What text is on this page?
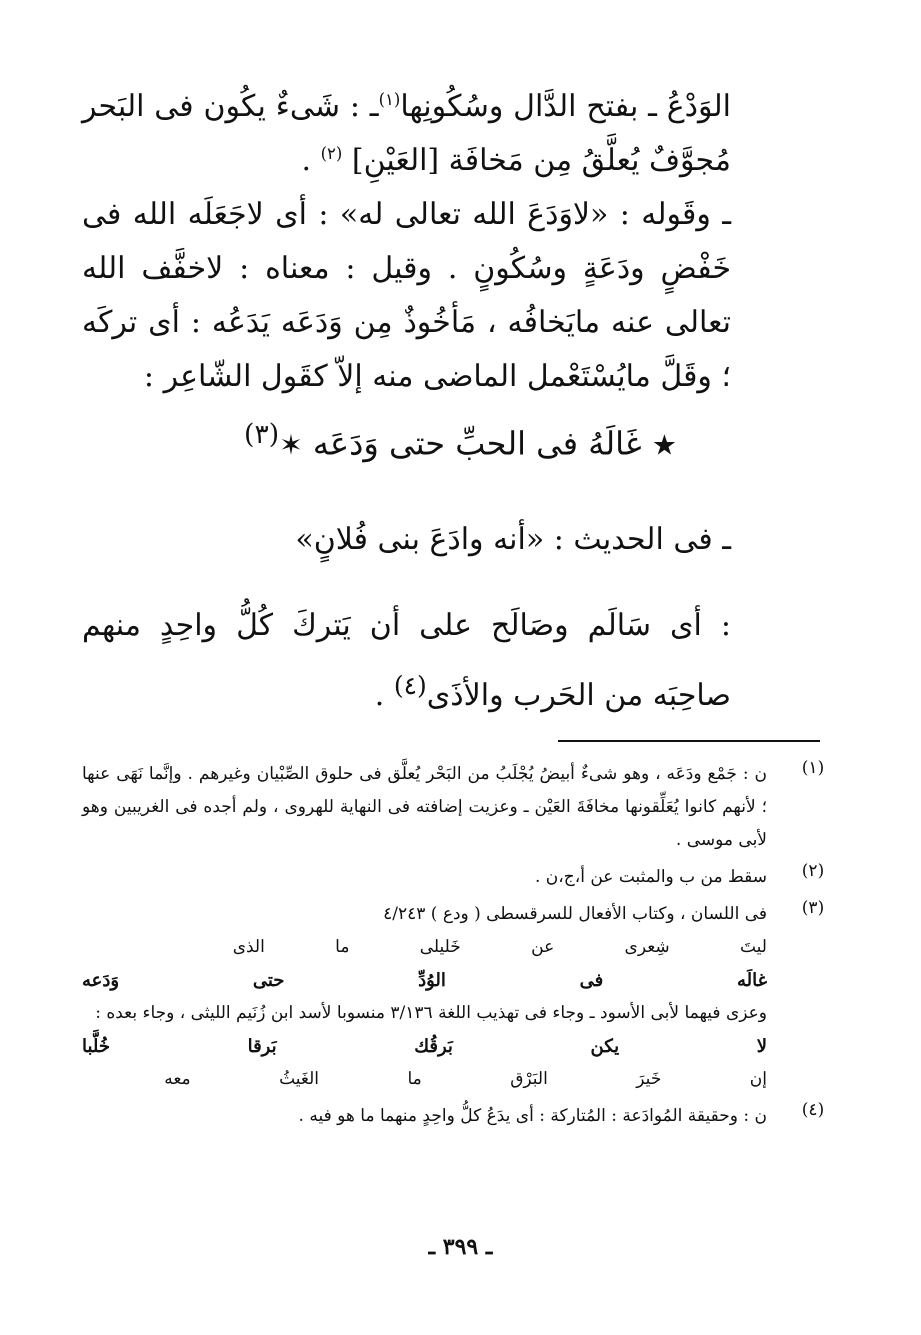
الوَدْعُ ـ بفتح الدَّال وسُكُونِها$^{(١)}$ـ : شَىءٌ يكُون فى البَحر مُجوَّفٌ يُعلَّقُ مِن مَخافَة [العَيْنِ] $^{(٢)}$ .

ـ وقَوله : «لاوَدَعَ الله تعالى له» : أى لاجَعَلَه الله فى خَفْضٍ ودَعَةٍ وسُكُونٍ . وقيل : معناه : لاخفَّف الله تعالى عنه مايَخافُه ، مَأخُوذٌ مِن وَدَعَه يَدَعُه : أى تركَه ؛ وقَلَّ مايُسْتَعْمل الماضى منه إلاّ كقَول الشّاعِر :

★ غَالَهُ فى الحبِّ حتى وَدَعَه ✶$^{(٣)}$
ـ فى الحديث : «أنه وادَعَ بنى فُلانٍ»

: أى سَالَم وصَالَح على أن يَتركَ كُلُّ واحِدٍ منهم صاحِبَه من الحَرب والأذَى$^{(٤)}$ .

(١)
ن : جَمْع ودَعَه ، وهو شىءٌ أبيضُ يُجْلَبُ من البَحْر يُعلَّق فى حلوق الصِّبْيان وغيرهم . وإنَّما نَهَى عنها ؛ لأنهم كانوا يُعَلِّقونها مخافَةَ العَيْن ـ وعزيت إضافته فى النهاية للهروى ، ولم أجده فى الغريبين وهو لأبى موسى .
(٢)
سقط من ب والمثبت عن أ،ج،ن .
(٣)
فى اللسان ، وكتاب الأفعال للسرقسطى ( ودع ) ٤/٢٤٣
ليتَ شِعرى عن خَليلى ما الذى
غالَه فى الوُدِّ حتى وَدَعه
وعزى فيهما لأبى الأسود ـ وجاء فى تهذيب اللغة ٣/١٣٦ منسوبا لأسد ابن زُنَيم الليثى ، وجاء بعده :
لا يكن بَرقُك بَرقا خُلَّبا
إن خَيرَ البَرْق ما الغَيثُ معه
(٤)
ن : وحقيقة المُوادَعة : المُتاركة : أى يدَعُ كلُّ واحِدٍ منهما ما هو فيه .
ـ ٣٩٩ ـ
